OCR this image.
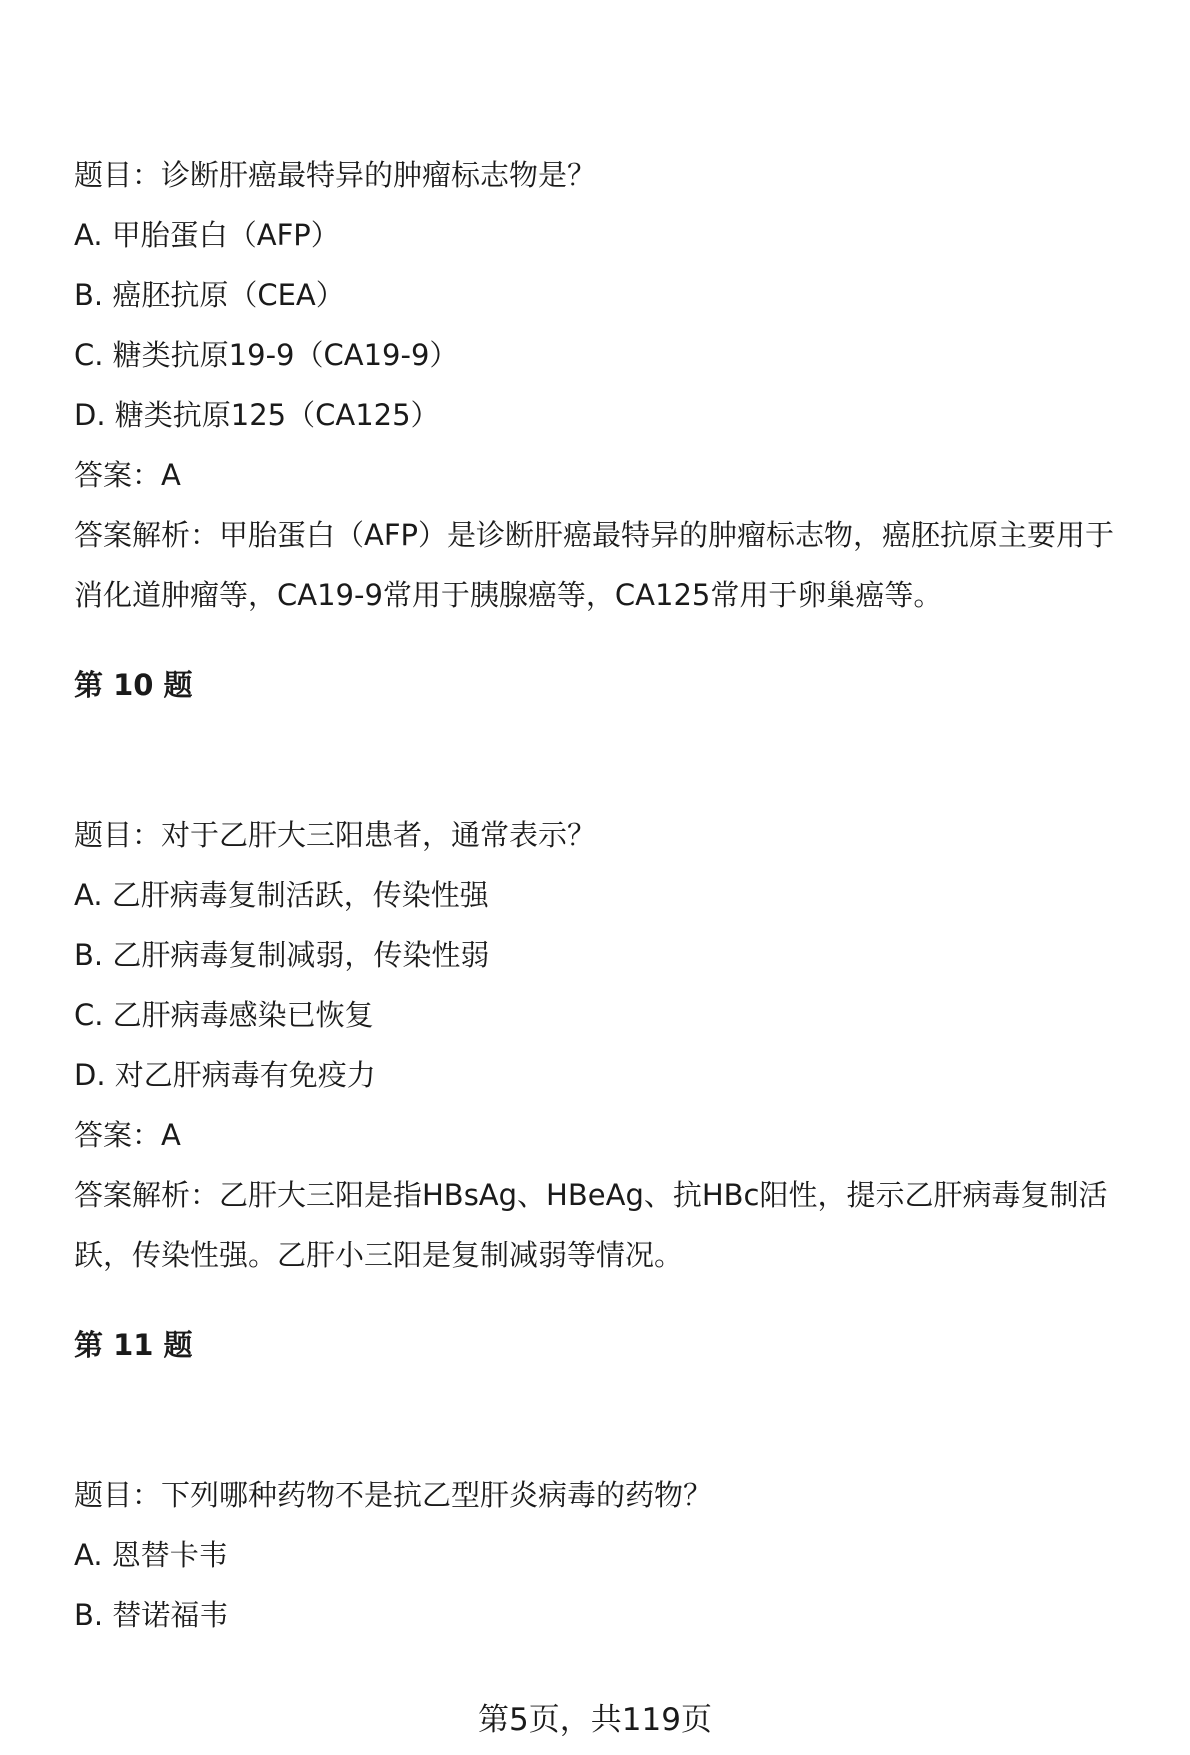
题目：诊断肝癌最特异的肿瘤标志物是？
A. 甲胎蛋白（AFP）
B. 癌胚抗原（CEA）
C. 糖类抗原19-9（CA19-9）
D. 糖类抗原125（CA125）
答案：A
答案解析：甲胎蛋白（AFP）是诊断肝癌最特异的肿瘤标志物，癌胚抗原主要用于
消化道肿瘤等，CA19-9常用于胰腺癌等，CA125常用于卵巢癌等。
第 10 题
题目：对于乙肝大三阳患者，通常表示？
A. 乙肝病毒复制活跃，传染性强
B. 乙肝病毒复制减弱，传染性弱
C. 乙肝病毒感染已恢复
D. 对乙肝病毒有免疫力
答案：A
答案解析：乙肝大三阳是指HBsAg、HBeAg、抗HBc阳性，提示乙肝病毒复制活
跃，传染性强。乙肝小三阳是复制减弱等情况。
第 11 题
题目：下列哪种药物不是抗乙型肝炎病毒的药物？
A. 恩替卡韦
B. 替诺福韦
第5页，共119页
